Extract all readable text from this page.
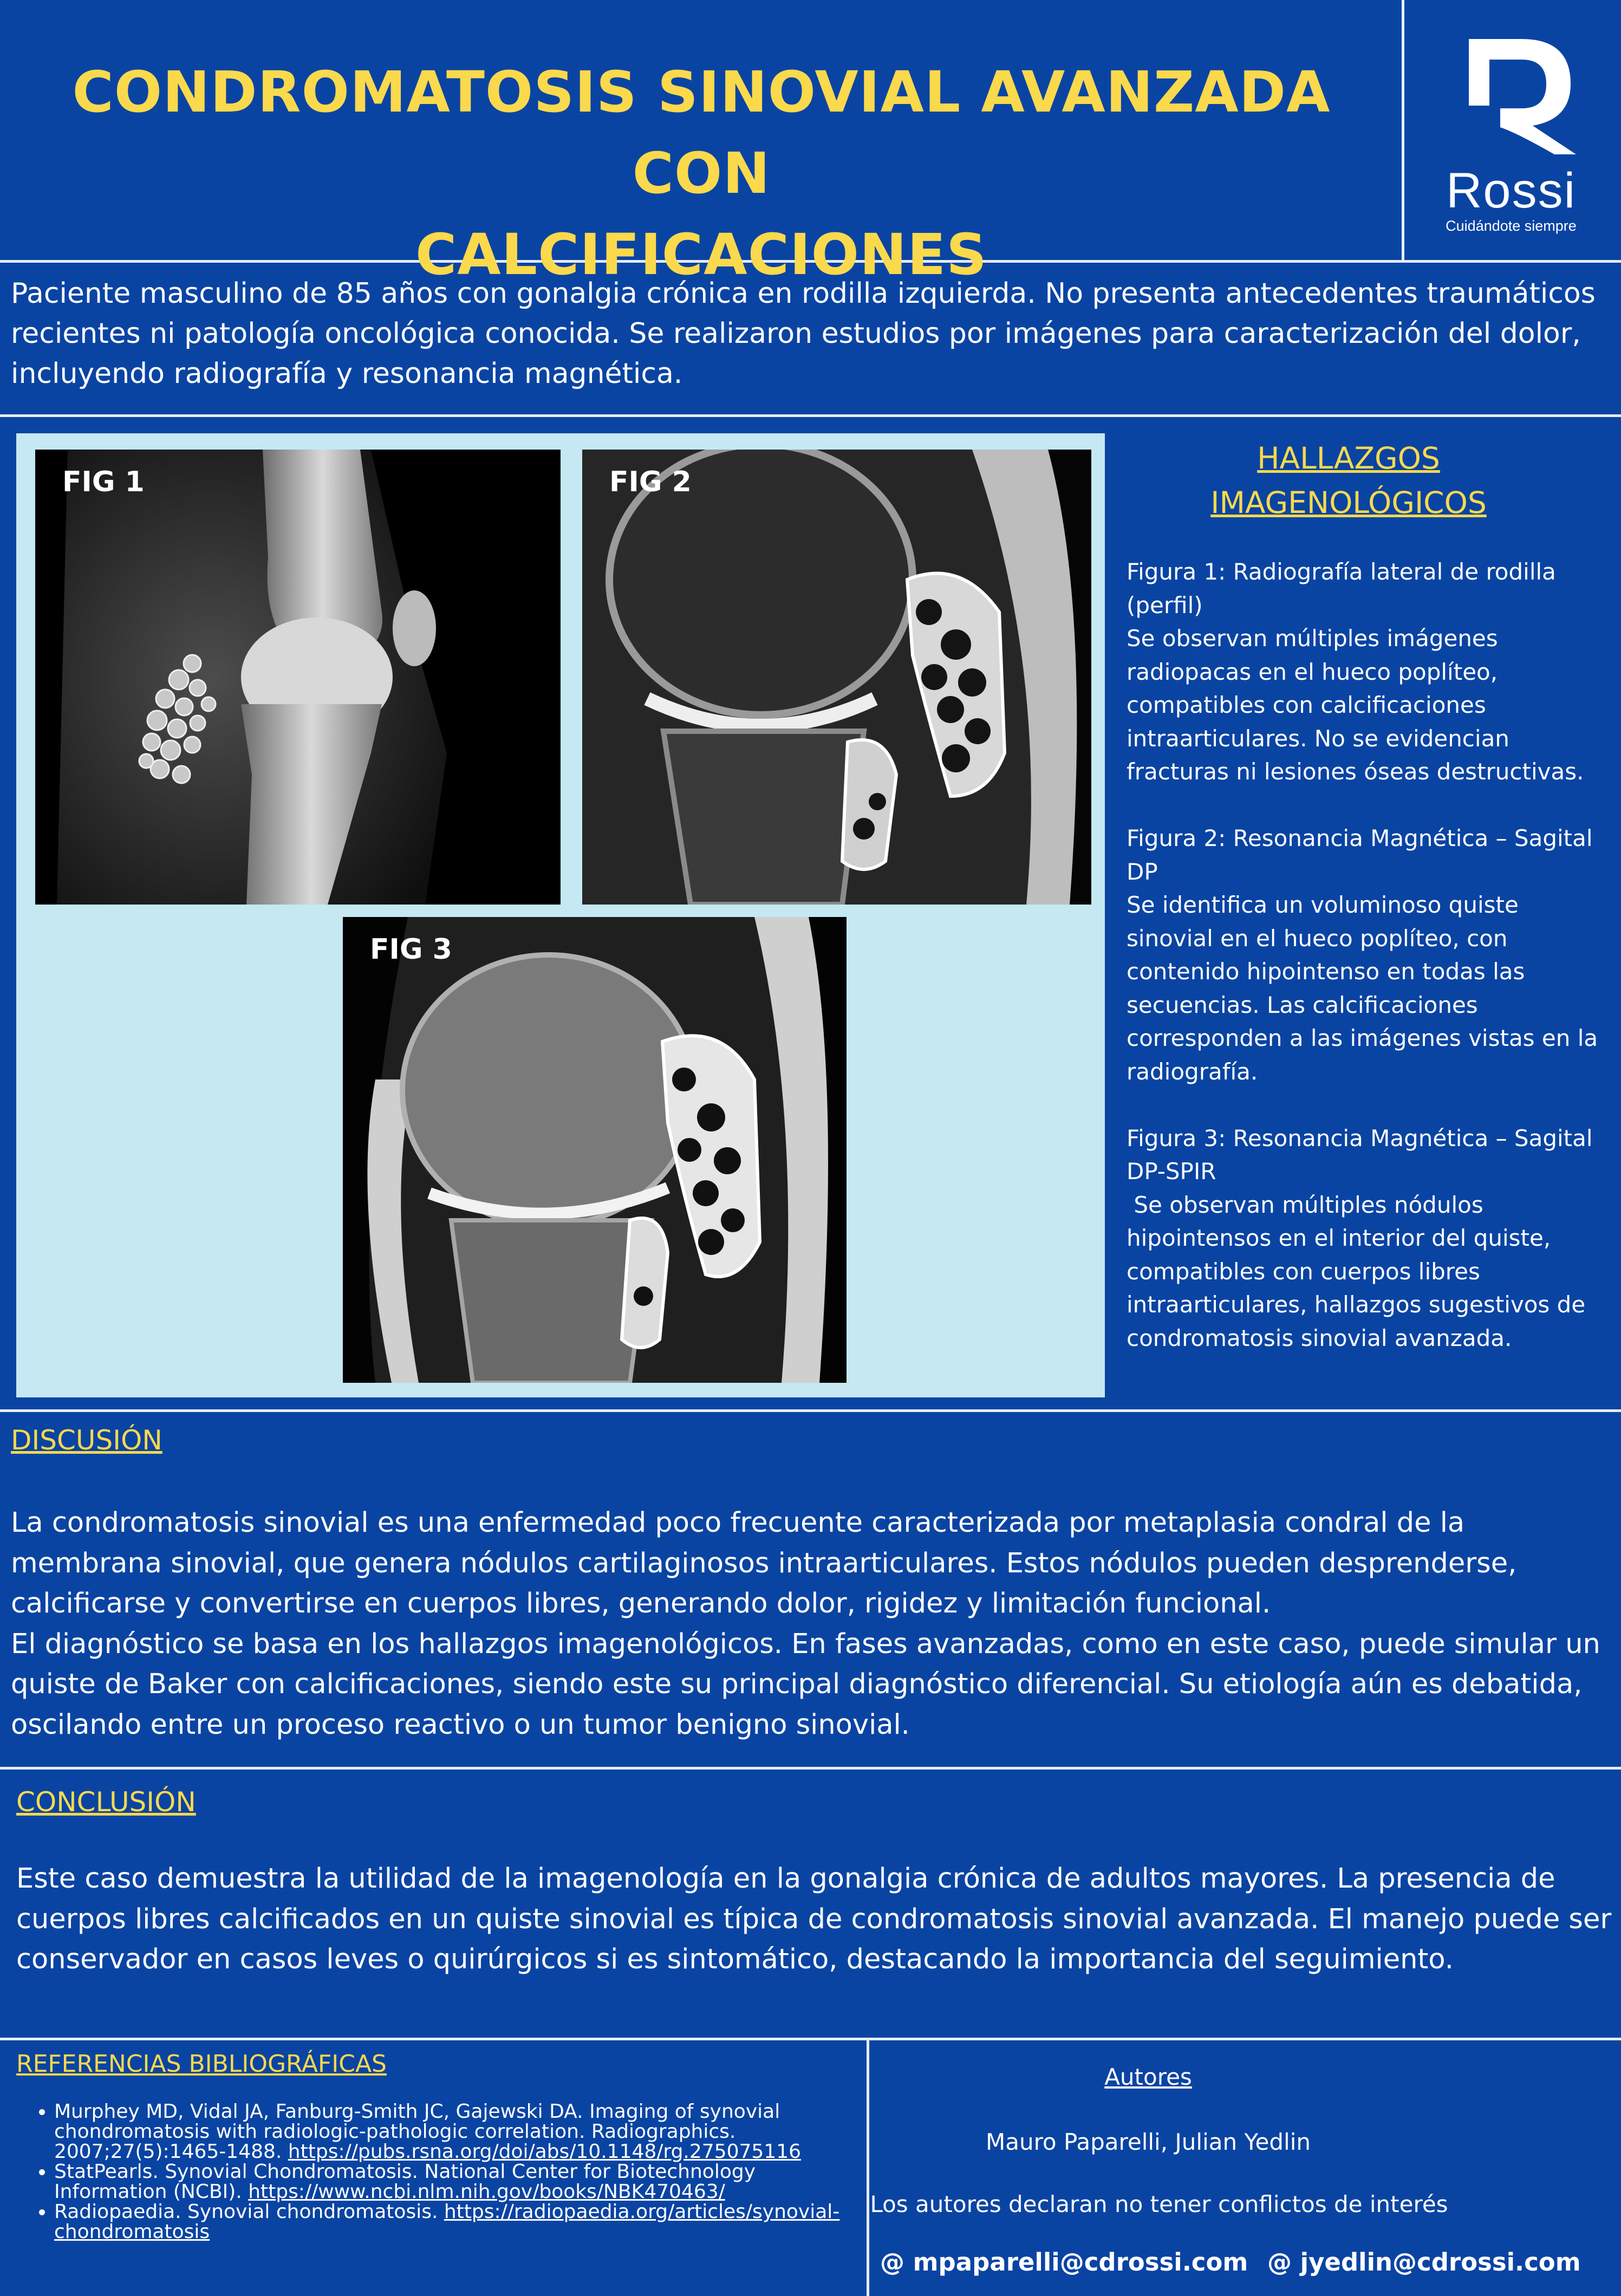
CONDROMATOSIS SINOVIAL AVANZADA CON
CALCIFICACIONES
Rossi
Cuidándote siempre

Paciente masculino de 85 años con gonalgia crónica en rodilla izquierda. No presenta antecedentes traumáticos recientes ni patología oncológica conocida. Se realizaron estudios por imágenes para caracterización del dolor, incluyendo radiografía y resonancia magnética.

FIG 1	FIG 2
FIG 3
HALLAZGOS
IMAGENOLÓGICOS

Figura 1: Radiografía lateral de rodilla (perfil)
Se observan múltiples imágenes radiopacas en el hueco poplíteo, compatibles con calcificaciones intraarticulares. No se evidencian fracturas ni lesiones óseas destructivas.

Figura 2: Resonancia Magnética – Sagital DP
Se identifica un voluminoso quiste sinovial en el hueco poplíteo, con contenido hipointenso en todas las secuencias. Las calcificaciones corresponden a las imágenes vistas en la radiografía.

Figura 3: Resonancia Magnética – Sagital DP-SPIR
Se observan múltiples nódulos hipointensos en el interior del quiste, compatibles con cuerpos libres intraarticulares, hallazgos sugestivos de condromatosis sinovial avanzada.

DISCUSIÓN

La condromatosis sinovial es una enfermedad poco frecuente caracterizada por metaplasia condral de la membrana sinovial, que genera nódulos cartilaginosos intraarticulares. Estos nódulos pueden desprenderse, calcificarse y convertirse en cuerpos libres, generando dolor, rigidez y limitación funcional.

El diagnóstico se basa en los hallazgos imagenológicos. En fases avanzadas, como en este caso, puede simular un quiste de Baker con calcificaciones, siendo este su principal diagnóstico diferencial. Su etiología aún es debatida, oscilando entre un proceso reactivo o un tumor benigno sinovial.

CONCLUSIÓN

Este caso demuestra la utilidad de la imagenología en la gonalgia crónica de adultos mayores. La presencia de cuerpos libres calcificados en un quiste sinovial es típica de condromatosis sinovial avanzada. El manejo puede ser conservador en casos leves o quirúrgicos si es sintomático, destacando la importancia del seguimiento.

REFERENCIAS BIBLIOGRÁFICAS
• Murphey MD, Vidal JA, Fanburg-Smith JC, Gajewski DA. Imaging of synovial chondromatosis with radiologic-pathologic correlation. Radiographics. 2007;27(5):1465-1488. https://pubs.rsna.org/doi/abs/10.1148/rg.275075116
• StatPearls. Synovial Chondromatosis. National Center for Biotechnology Information (NCBI). https://www.ncbi.nlm.nih.gov/books/NBK470463/
• Radiopaedia. Synovial chondromatosis. https://radiopaedia.org/articles/synovial-chondromatosis
Autores
Mauro Paparelli, Julian Yedlin
Los autores declaran no tener conflictos de interés
@ mpaparelli@cdrossi.com @ jyedlin@cdrossi.com
